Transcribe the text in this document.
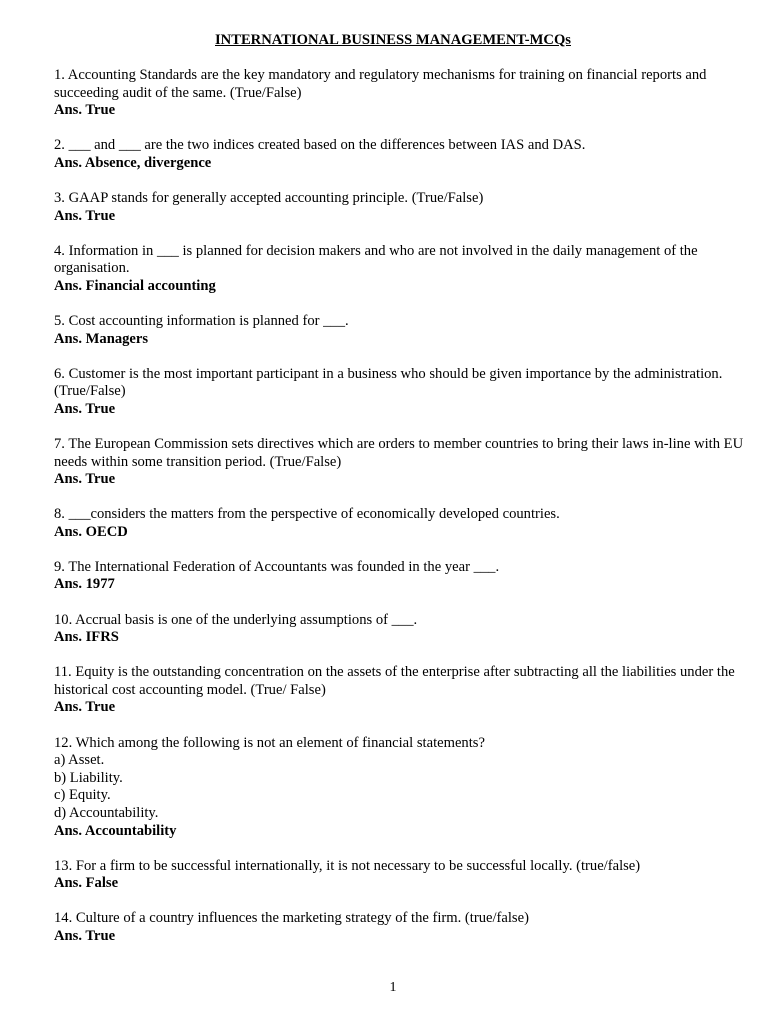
INTERNATIONAL BUSINESS MANAGEMENT-MCQs
1. Accounting Standards are the key mandatory and regulatory mechanisms for training on financial reports and succeeding audit of the same. (True/False)
Ans. True
2. ___ and ___ are the two indices created based on the differences between IAS and DAS.
Ans. Absence, divergence
3. GAAP stands for generally accepted accounting principle. (True/False)
Ans. True
4. Information in ___ is planned for decision makers and who are not involved in the daily management of the organisation.
Ans. Financial accounting
5. Cost accounting information is planned for ___.
Ans. Managers
6. Customer is the most important participant in a business who should be given importance by the administration. (True/False)
Ans. True
7. The European Commission sets directives which are orders to member countries to bring their laws in-line with EU needs within some transition period. (True/False)
Ans. True
8. ___considers the matters from the perspective of economically developed countries.
Ans. OECD
9. The International Federation of Accountants was founded in the year ___.
Ans. 1977
10. Accrual basis is one of the underlying assumptions of ___.
Ans. IFRS
11. Equity is the outstanding concentration on the assets of the enterprise after subtracting all the liabilities under the historical cost accounting model. (True/ False)
Ans. True
12. Which among the following is not an element of financial statements?
a) Asset.
b) Liability.
c) Equity.
d) Accountability.
Ans. Accountability
13. For a firm to be successful internationally, it is not necessary to be successful locally. (true/false)
Ans. False
14. Culture of a country influences the marketing strategy of the firm. (true/false)
Ans. True
1
